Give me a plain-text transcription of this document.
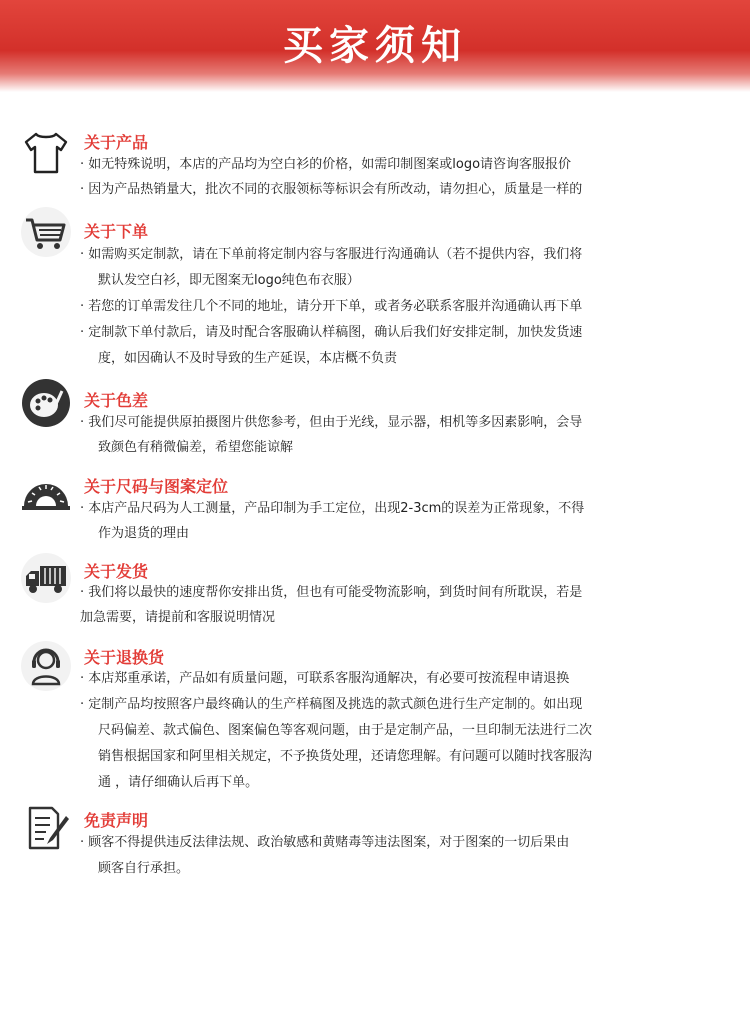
买家须知
关于产品
· 如无特殊说明，本店的产品均为空白衫的价格，如需印制图案或logo请咨询客服报价
· 因为产品热销量大，批次不同的衣服领标等标识会有所改动，请勿担心，质量是一样的
关于下单
· 如需购买定制款，请在下单前将定制内容与客服进行沟通确认（若不提供内容，我们将
默认发空白衫，即无图案无logo纯色布衣服）
· 若您的订单需发往几个不同的地址，请分开下单，或者务必联系客服并沟通确认再下单
· 定制款下单付款后，请及时配合客服确认样稿图，确认后我们好安排定制，加快发货速
度，如因确认不及时导致的生产延误，本店概不负责
关于色差
· 我们尽可能提供原拍摄图片供您参考，但由于光线，显示器，相机等多因素影响，会导
致颜色有稍微偏差，希望您能谅解
关于尺码与图案定位
· 本店产品尺码为人工测量，产品印制为手工定位，出现2-3cm的误差为正常现象，不得
作为退货的理由
关于发货
· 我们将以最快的速度帮你安排出货，但也有可能受物流影响，到货时间有所耽误，若是
加急需要，请提前和客服说明情况
关于退换货
· 本店郑重承诺，产品如有质量问题，可联系客服沟通解决，有必要可按流程申请退换
· 定制产品均按照客户最终确认的生产样稿图及挑选的款式颜色进行生产定制的。如出现
尺码偏差、款式偏色、图案偏色等客观问题，由于是定制产品，一旦印制无法进行二次
销售根据国家和阿里相关规定，不予换货处理，还请您理解。有问题可以随时找客服沟
通 ，请仔细确认后再下单。
免责声明
· 顾客不得提供违反法律法规、政治敏感和黄赌毒等违法图案，对于图案的一切后果由
顾客自行承担。
